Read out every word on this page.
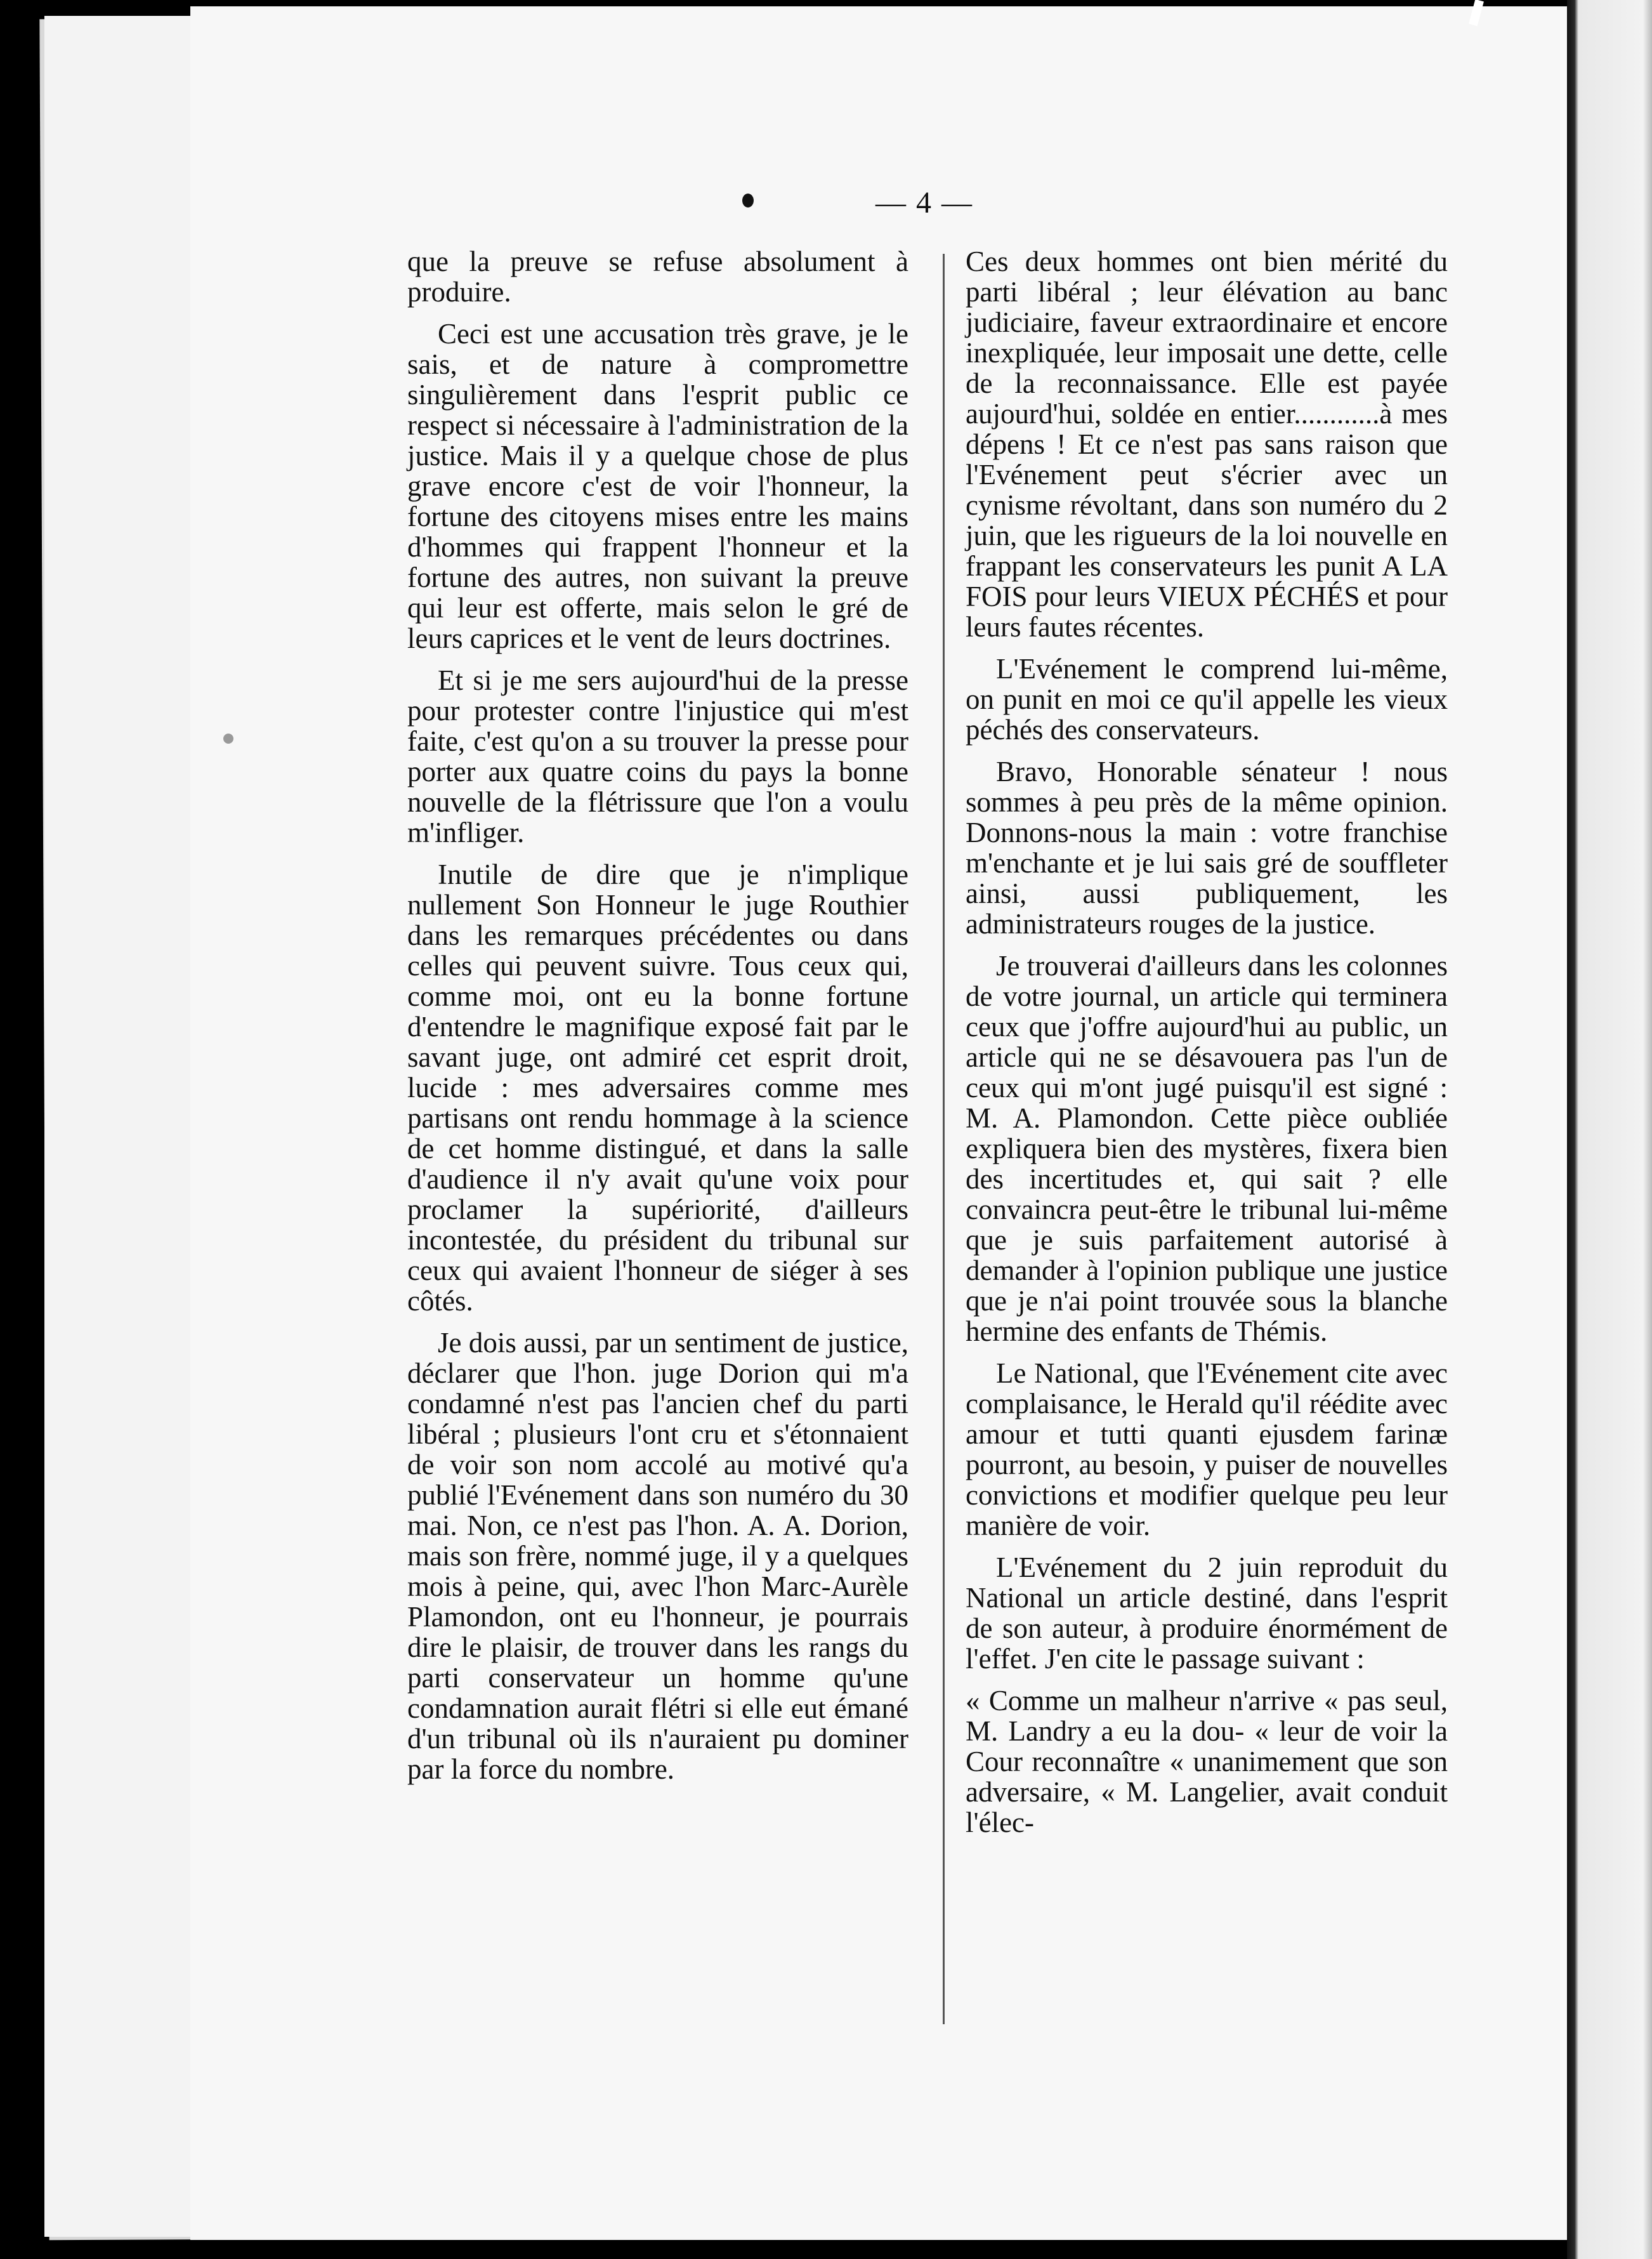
— 4 —

que la preuve se refuse absolument à produire.

Ceci est une accusation très grave, je le sais, et de nature à compromettre singulièrement dans l'esprit public ce respect si nécessaire à l'administration de la justice. Mais il y a quelque chose de plus grave encore c'est de voir l'honneur, la fortune des citoyens mises entre les mains d'hommes qui frappent l'honneur et la fortune des autres, non suivant la preuve qui leur est offerte, mais selon le gré de leurs caprices et le vent de leurs doctrines.

Et si je me sers aujourd'hui de la presse pour protester contre l'injustice qui m'est faite, c'est qu'on a su trouver la presse pour porter aux quatre coins du pays la bonne nouvelle de la flétrissure que l'on a voulu m'infliger.

Inutile de dire que je n'implique nullement Son Honneur le juge Routhier dans les remarques précédentes ou dans celles qui peuvent suivre. Tous ceux qui, comme moi, ont eu la bonne fortune d'entendre le magnifique exposé fait par le savant juge, ont admiré cet esprit droit, lucide : mes adversaires comme mes partisans ont rendu hommage à la science de cet homme distingué, et dans la salle d'audience il n'y avait qu'une voix pour proclamer la supériorité, d'ailleurs incontestée, du président du tribunal sur ceux qui avaient l'honneur de siéger à ses côtés.

Je dois aussi, par un sentiment de justice, déclarer que l'hon. juge Dorion qui m'a condamné n'est pas l'ancien chef du parti libéral ; plusieurs l'ont cru et s'étonnaient de voir son nom accolé au motivé qu'a publié l'Evénement dans son numéro du 30 mai. Non, ce n'est pas l'hon. A. A. Dorion, mais son frère, nommé juge, il y a quelques mois à peine, qui, avec l'hon Marc-Aurèle Plamondon, ont eu l'honneur, je pourrais dire le plaisir, de trouver dans les rangs du parti conservateur un homme qu'une condamnation aurait flétri si elle eut émané d'un tribunal où ils n'auraient pu dominer par la force du nombre.

Ces deux hommes ont bien mérité du parti libéral ; leur élévation au banc judiciaire, faveur extraordinaire et encore inexpliquée, leur imposait une dette, celle de la reconnaissance. Elle est payée aujourd'hui, soldée en entier............à mes dépens ! Et ce n'est pas sans raison que l'Evénement peut s'écrier avec un cynisme révoltant, dans son numéro du 2 juin, que les rigueurs de la loi nouvelle en frappant les conservateurs les punit A LA FOIS pour leurs VIEUX PÉCHÉS et pour leurs fautes récentes.

L'Evénement le comprend lui-même, on punit en moi ce qu'il appelle les vieux péchés des conservateurs.

Bravo, Honorable sénateur ! nous sommes à peu près de la même opinion. Donnons-nous la main : votre franchise m'enchante et je lui sais gré de souffleter ainsi, aussi publiquement, les administrateurs rouges de la justice.

Je trouverai d'ailleurs dans les colonnes de votre journal, un article qui terminera ceux que j'offre aujourd'hui au public, un article qui ne se désavouera pas l'un de ceux qui m'ont jugé puisqu'il est signé : M. A. Plamondon. Cette pièce oubliée expliquera bien des mystères, fixera bien des incertitudes et, qui sait ? elle convaincra peut-être le tribunal lui-même que je suis parfaitement autorisé à demander à l'opinion publique une justice que je n'ai point trouvée sous la blanche hermine des enfants de Thémis.

Le National, que l'Evénement cite avec complaisance, le Herald qu'il réédite avec amour et tutti quanti ejusdem farinæ pourront, au besoin, y puiser de nouvelles convictions et modifier quelque peu leur manière de voir.

L'Evénement du 2 juin reproduit du National un article destiné, dans l'esprit de son auteur, à produire énormément de l'effet. J'en cite le passage suivant :

« Comme un malheur n'arrive « pas seul, M. Landry a eu la dou- « leur de voir la Cour reconnaître « unanimement que son adversaire, « M. Langelier, avait conduit l'élec-
